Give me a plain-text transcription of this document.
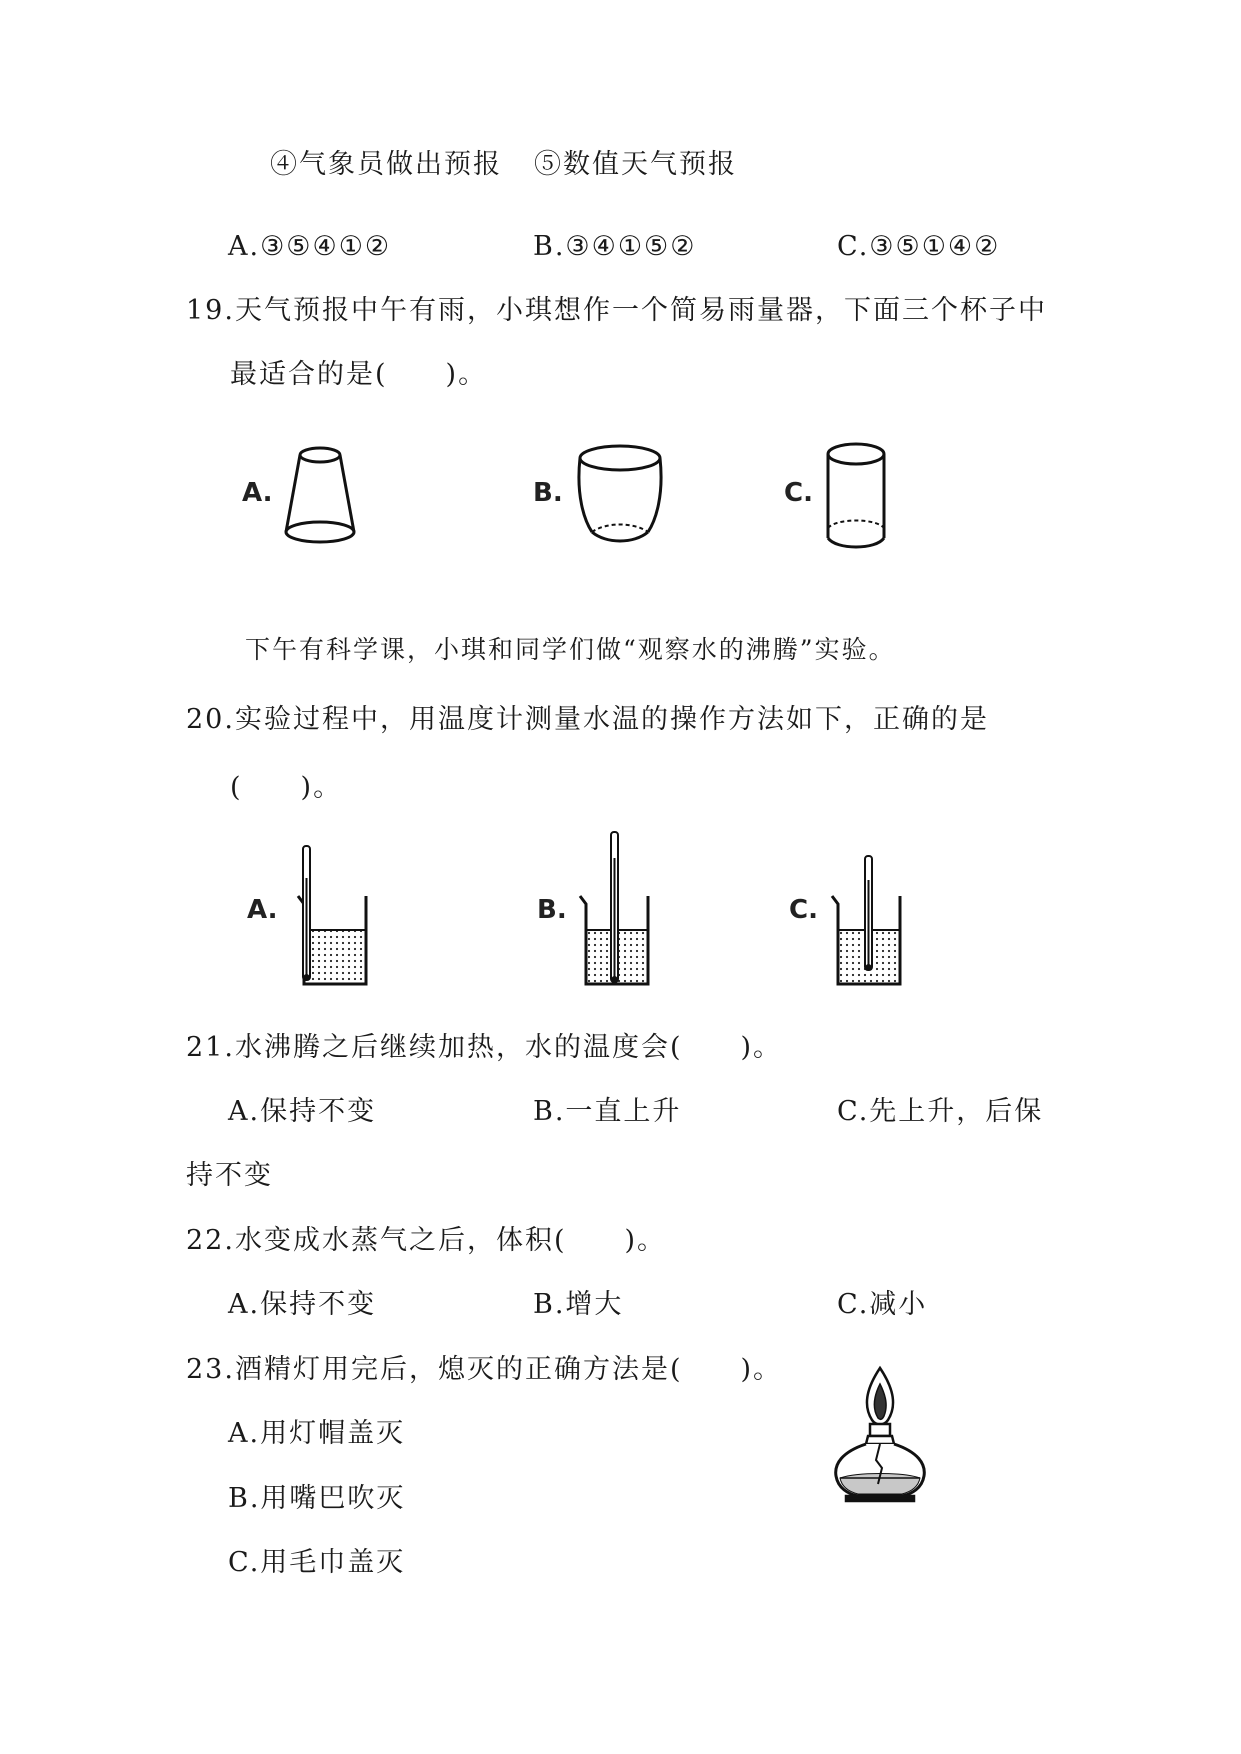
④气象员做出预报 ⑤数值天气预报
A.③⑤④①②	B.③④①⑤②	C.③⑤①④②
19.天气预报中午有雨，小琪想作一个简易雨量器，下面三个杯子中
最适合的是(　　)。
A.	B.	C.
下午有科学课，小琪和同学们做“观察水的沸腾”实验。
20.实验过程中，用温度计测量水温的操作方法如下，正确的是
(　　)。
A.	B.	C.
21.水沸腾之后继续加热，水的温度会(　　)。
A.保持不变	B.一直上升	C.先上升，后保
持不变
22.水变成水蒸气之后，体积(　　)。
A.保持不变	B.增大	C.减小
23.酒精灯用完后，熄灭的正确方法是(　　)。
A.用灯帽盖灭
B.用嘴巴吹灭
C.用毛巾盖灭
